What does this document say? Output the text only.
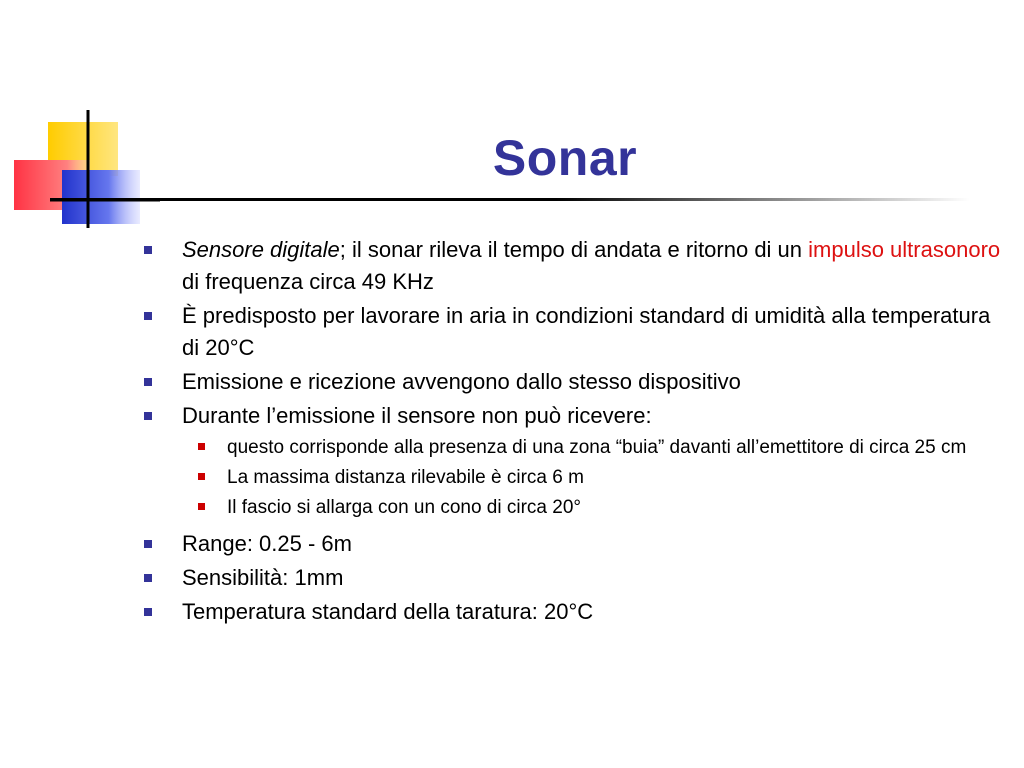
Sonar
Sensore digitale; il sonar rileva il tempo di andata e ritorno di un impulso ultrasonoro di frequenza circa 49 KHz
È predisposto per lavorare in aria in condizioni standard di umidità alla temperatura di 20°C
Emissione e ricezione avvengono dallo stesso dispositivo
Durante l’emissione il sensore non può ricevere:
questo corrisponde alla presenza di una zona “buia” davanti all’emettitore di circa 25 cm
La massima distanza rilevabile è circa 6 m
Il fascio si allarga con un cono di circa 20°
Range: 0.25 - 6m
Sensibilità: 1mm
Temperatura standard della taratura: 20°C
